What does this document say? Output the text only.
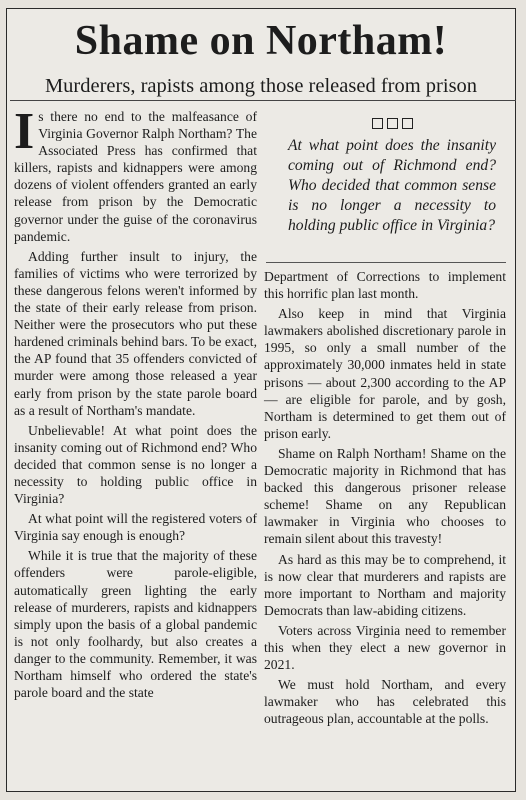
Shame on Northam!
Murderers, rapists among those released from prison

Is there no end to the malfeasance of Virginia Governor Ralph Northam? The Associated Press has confirmed that killers, rapists and kidnappers were among dozens of violent offenders granted an early release from prison by the Democratic governor under the guise of the coronavirus pandemic.

Adding further insult to injury, the families of victims who were terrorized by these dangerous felons weren't informed by the state of their early release from prison. Neither were the prosecutors who put these hardened criminals behind bars. To be exact, the AP found that 35 offenders convicted of murder were among those released a year early from prison by the state parole board as a result of Northam's mandate.

Unbelievable! At what point does the insanity coming out of Richmond end? Who decided that common sense is no longer a necessity to holding public office in Virginia?

At what point will the registered voters of Virginia say enough is enough?

While it is true that the majority of these offenders were parole-eligible, automatically green lighting the early release of murderers, rapists and kidnappers simply upon the basis of a global pandemic is not only foolhardy, but also creates a danger to the community. Remember, it was Northam himself who ordered the state's parole board and the state

At what point does the insanity coming out of Richmond end? Who decided that common sense is no longer a necessity to holding public office in Virginia?

Department of Corrections to implement this horrific plan last month.

Also keep in mind that Virginia lawmakers abolished discretionary parole in 1995, so only a small number of the approximately 30,000 inmates held in state prisons — about 2,300 according to the AP — are eligible for parole, and by gosh, Northam is determined to get them out of prison early.

Shame on Ralph Northam! Shame on the Democratic majority in Richmond that has backed this dangerous prisoner release scheme! Shame on any Republican lawmaker in Virginia who chooses to remain silent about this travesty!

As hard as this may be to comprehend, it is now clear that murderers and rapists are more important to Northam and majority Democrats than law-abiding citizens.

Voters across Virginia need to remember this when they elect a new governor in 2021.

We must hold Northam, and every lawmaker who has celebrated this outrageous plan, accountable at the polls.
